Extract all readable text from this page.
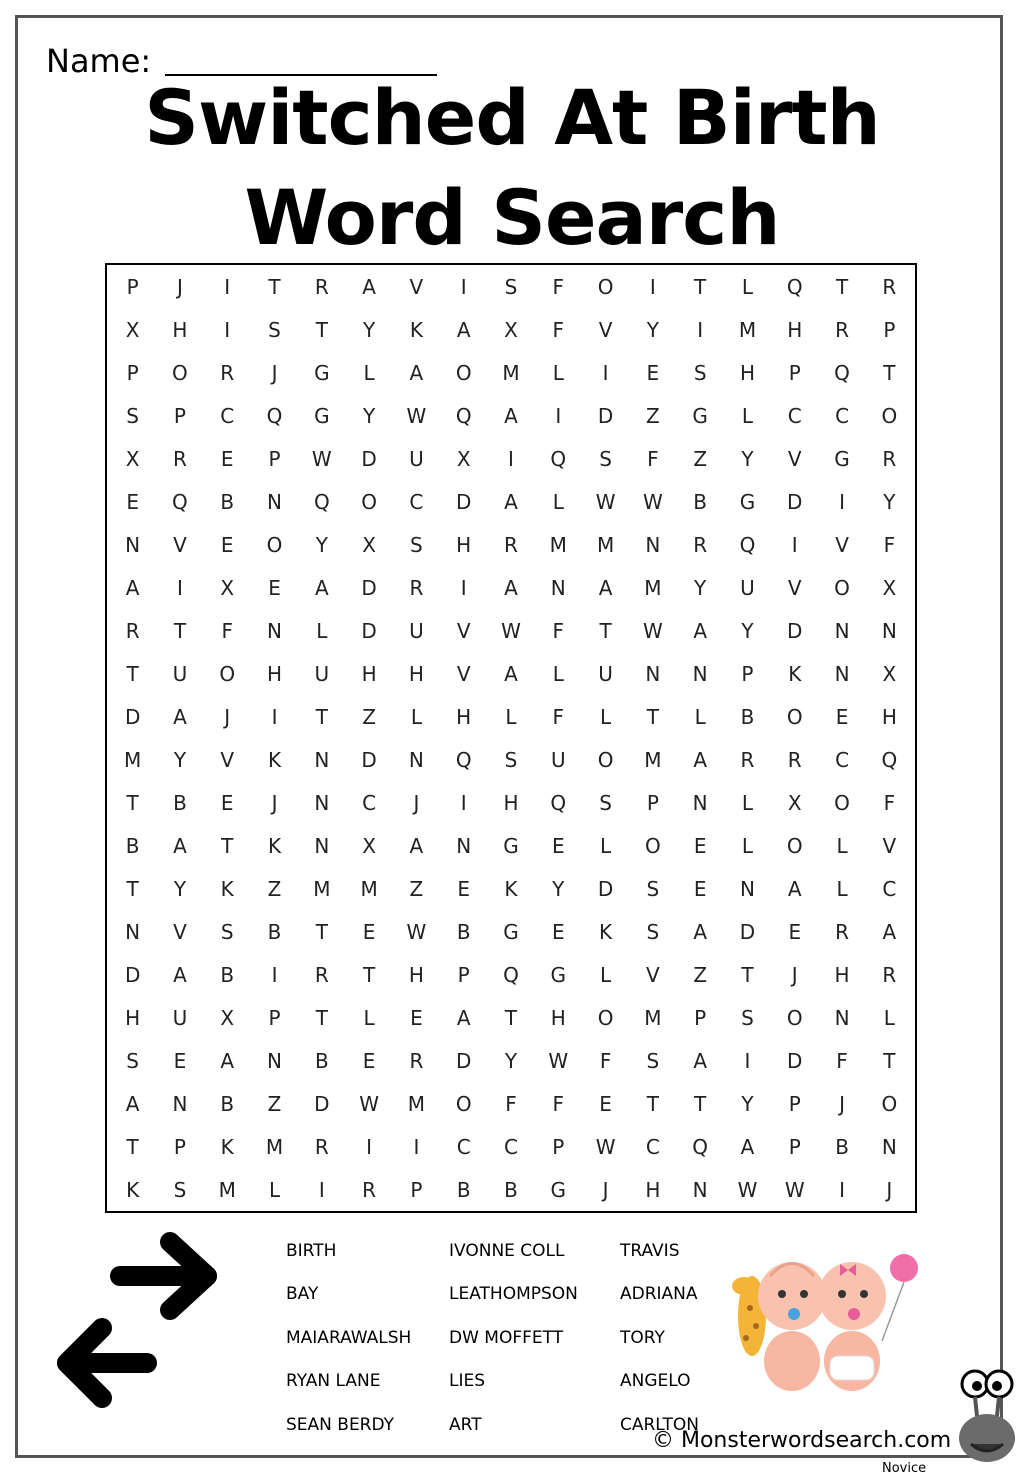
Name:
Switched At Birth
Word Search
P	J	I	T	R	A	V	I	S	F	O	I	T	L	Q	T	R
X	H	I	S	T	Y	K	A	X	F	V	Y	I	M	H	R	P
P	O	R	J	G	L	A	O	M	L	I	E	S	H	P	Q	T
S	P	C	Q	G	Y	W	Q	A	I	D	Z	G	L	C	C	O
X	R	E	P	W	D	U	X	I	Q	S	F	Z	Y	V	G	R
E	Q	B	N	Q	O	C	D	A	L	W	W	B	G	D	I	Y
N	V	E	O	Y	X	S	H	R	M	M	N	R	Q	I	V	F
A	I	X	E	A	D	R	I	A	N	A	M	Y	U	V	O	X
R	T	F	N	L	D	U	V	W	F	T	W	A	Y	D	N	N
T	U	O	H	U	H	H	V	A	L	U	N	N	P	K	N	X
D	A	J	I	T	Z	L	H	L	F	L	T	L	B	O	E	H
M	Y	V	K	N	D	N	Q	S	U	O	M	A	R	R	C	Q
T	B	E	J	N	C	J	I	H	Q	S	P	N	L	X	O	F
B	A	T	K	N	X	A	N	G	E	L	O	E	L	O	L	V
T	Y	K	Z	M	M	Z	E	K	Y	D	S	E	N	A	L	C
N	V	S	B	T	E	W	B	G	E	K	S	A	D	E	R	A
D	A	B	I	R	T	H	P	Q	G	L	V	Z	T	J	H	R
H	U	X	P	T	L	E	A	T	H	O	M	P	S	O	N	L
S	E	A	N	B	E	R	D	Y	W	F	S	A	I	D	F	T
A	N	B	Z	D	W	M	O	F	F	E	T	T	Y	P	J	O
T	P	K	M	R	I	I	C	C	P	W	C	Q	A	P	B	N
K	S	M	L	I	R	P	B	B	G	J	H	N	W	W	I	J
BIRTH
BAY
MAIARAWALSH
RYAN LANE
SEAN BERDY
IVONNE COLL
LEATHOMPSON
DW MOFFETT
LIES
ART
TRAVIS
ADRIANA
TORY
ANGELO
CARLTON
© Monsterwordsearch.com
Novice
